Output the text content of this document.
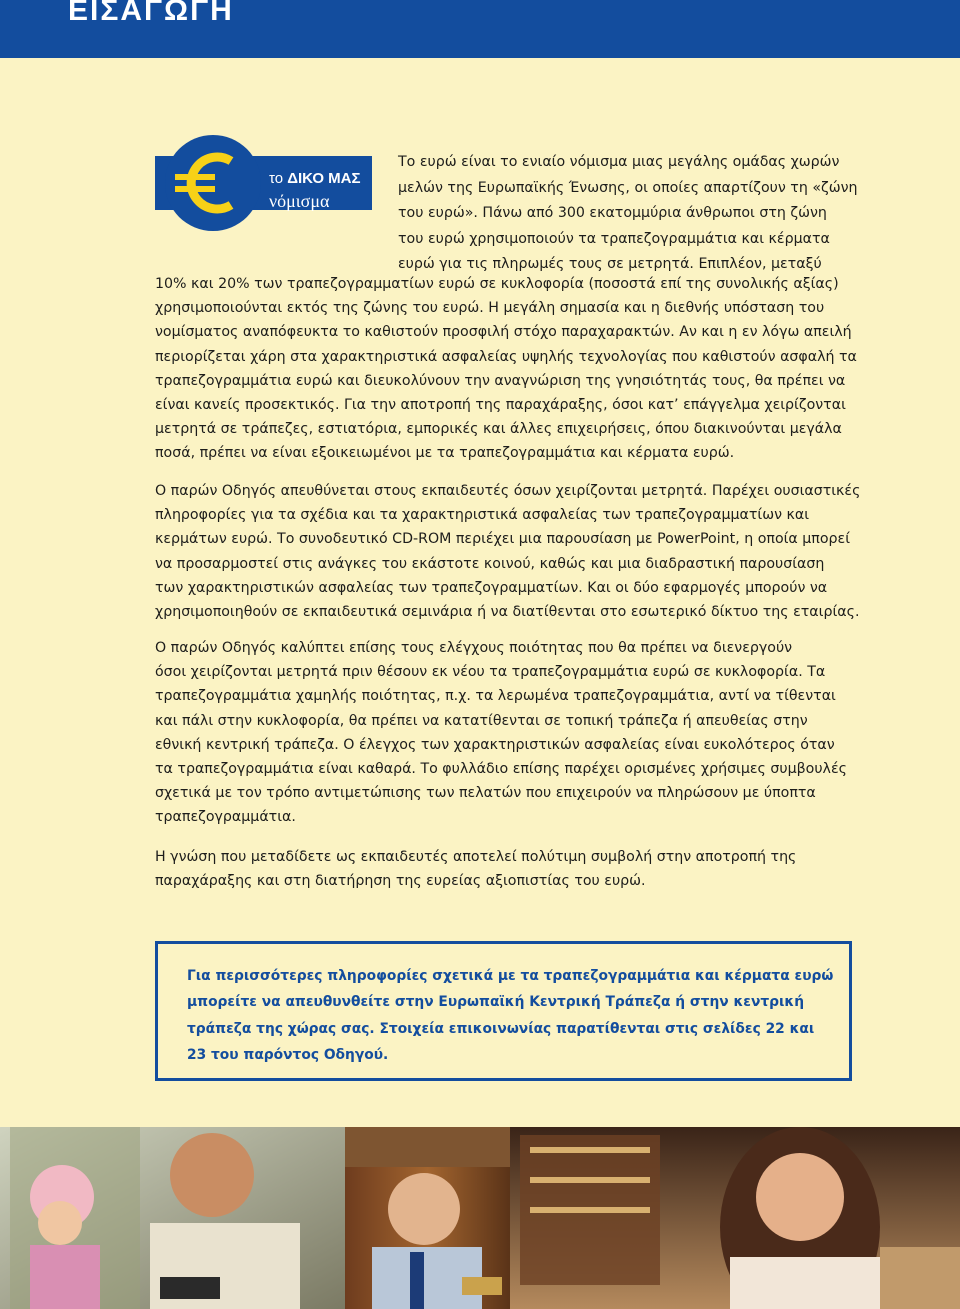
ΕΙΣΑΓΩΓΗ
το ΔΙΚΟ ΜΑΣ
νόμισμα
Το ευρώ είναι το ενιαίο νόμισμα μιας μεγάλης ομάδας χωρών
μελών της Ευρωπαϊκής Ένωσης, οι οποίες απαρτίζουν τη «ζώνη
του ευρώ». Πάνω από 300 εκατομμύρια άνθρωποι στη ζώνη
του ευρώ χρησιμοποιούν τα τραπεζογραμμάτια και κέρματα
ευρώ για τις πληρωμές τους σε μετρητά. Επιπλέον, μεταξύ
10% και 20% των τραπεζογραμματίων ευρώ σε κυκλοφορία (ποσοστά επί της συνολικής αξίας)
χρησιμοποιούνται εκτός της ζώνης του ευρώ. Η μεγάλη σημασία και η διεθνής υπόσταση του
νομίσματος αναπόφευκτα το καθιστούν προσφιλή στόχο παραχαρακτών. Αν και η εν λόγω απειλή
περιορίζεται χάρη στα χαρακτηριστικά ασφαλείας υψηλής τεχνολογίας που καθιστούν ασφαλή τα
τραπεζογραμμάτια ευρώ και διευκολύνουν την αναγνώριση της γνησιότητάς τους, θα πρέπει να
είναι κανείς προσεκτικός. Για την αποτροπή της παραχάραξης, όσοι κατ’ επάγγελμα χειρίζονται
μετρητά σε τράπεζες, εστιατόρια, εμπορικές και άλλες επιχειρήσεις, όπου διακινούνται μεγάλα
ποσά, πρέπει να είναι εξοικειωμένοι με τα τραπεζογραμμάτια και κέρματα ευρώ.
Ο παρών Οδηγός απευθύνεται στους εκπαιδευτές όσων χειρίζονται μετρητά. Παρέχει ουσιαστικές
πληροφορίες για τα σχέδια και τα χαρακτηριστικά ασφαλείας των τραπεζογραμματίων και
κερμάτων ευρώ. Το συνοδευτικό CD-ROM περιέχει μια παρουσίαση με PowerPoint, η οποία μπορεί
να προσαρμοστεί στις ανάγκες του εκάστοτε κοινού, καθώς και μια διαδραστική παρουσίαση
των χαρακτηριστικών ασφαλείας των τραπεζογραμματίων. Και οι δύο εφαρμογές μπορούν να
χρησιμοποιηθούν σε εκπαιδευτικά σεμινάρια ή να διατίθενται στο εσωτερικό δίκτυο της εταιρίας.
Ο παρών Οδηγός καλύπτει επίσης τους ελέγχους ποιότητας που θα πρέπει να διενεργούν
όσοι χειρίζονται μετρητά πριν θέσουν εκ νέου τα τραπεζογραμμάτια ευρώ σε κυκλοφορία. Τα
τραπεζογραμμάτια χαμηλής ποιότητας, π.χ. τα λερωμένα τραπεζογραμμάτια, αντί να τίθενται
και πάλι στην κυκλοφορία, θα πρέπει να κατατίθενται σε τοπική τράπεζα ή απευθείας στην
εθνική κεντρική τράπεζα. Ο έλεγχος των χαρακτηριστικών ασφαλείας είναι ευκολότερος όταν
τα τραπεζογραμμάτια είναι καθαρά. Το φυλλάδιο επίσης παρέχει ορισμένες χρήσιμες συμβουλές
σχετικά με τον τρόπο αντιμετώπισης των πελατών που επιχειρούν να πληρώσουν με ύποπτα
τραπεζογραμμάτια.
Η γνώση που μεταδίδετε ως εκπαιδευτές αποτελεί πολύτιμη συμβολή στην αποτροπή της
παραχάραξης και στη διατήρηση της ευρείας αξιοπιστίας του ευρώ.
Για περισσότερες πληροφορίες σχετικά με τα τραπεζογραμμάτια και κέρματα ευρώ
μπορείτε να απευθυνθείτε στην Ευρωπαϊκή Κεντρική Τράπεζα ή στην κεντρική
τράπεζα της χώρας σας. Στοιχεία επικοινωνίας παρατίθενται στις σελίδες 22 και
23 του παρόντος Οδηγού.
